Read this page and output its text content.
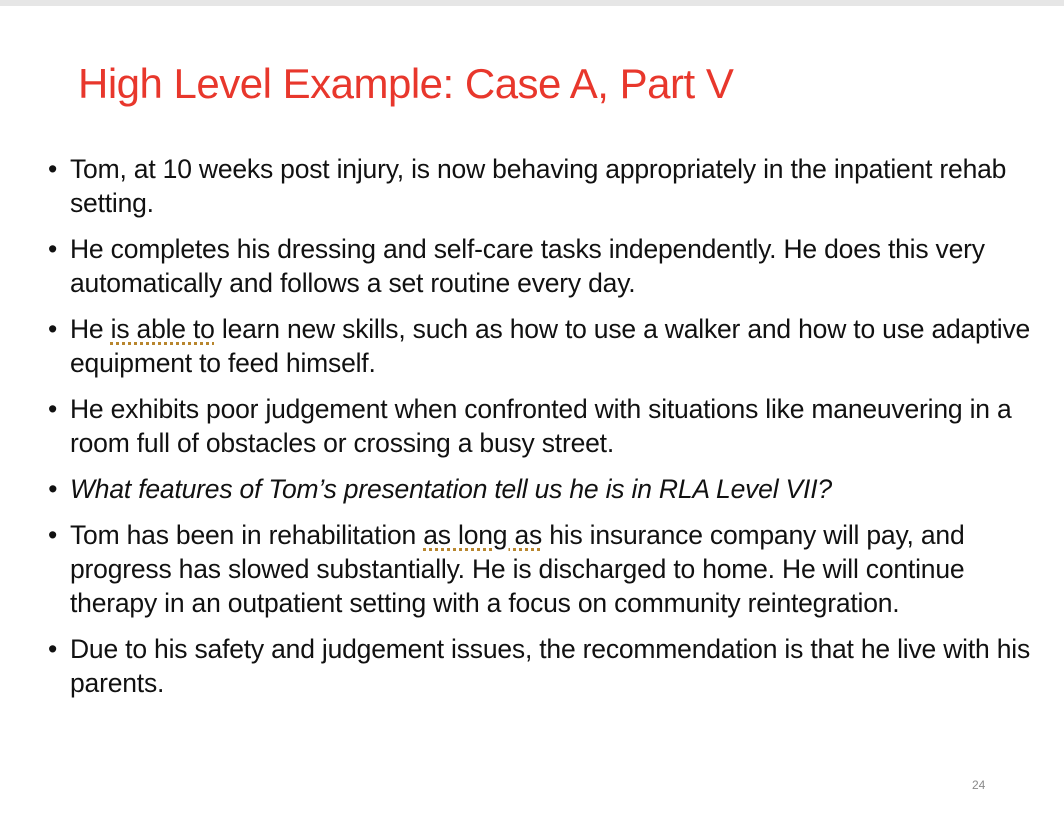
High Level Example: Case A, Part V
• Tom, at 10 weeks post injury, is now behaving appropriately in the inpatient rehab setting.
• He completes his dressing and self-care tasks independently. He does this very automatically and follows a set routine every day.
• He is able to learn new skills, such as how to use a walker and how to use adaptive equipment to feed himself.
• He exhibits poor judgement when confronted with situations like maneuvering in a room full of obstacles or crossing a busy street.
• What features of Tom’s presentation tell us he is in RLA Level VII?
• Tom has been in rehabilitation as long as his insurance company will pay, and progress has slowed substantially. He is discharged to home. He will continue therapy in an outpatient setting with a focus on community reintegration.
• Due to his safety and judgement issues, the recommendation is that he live with his parents.
24
